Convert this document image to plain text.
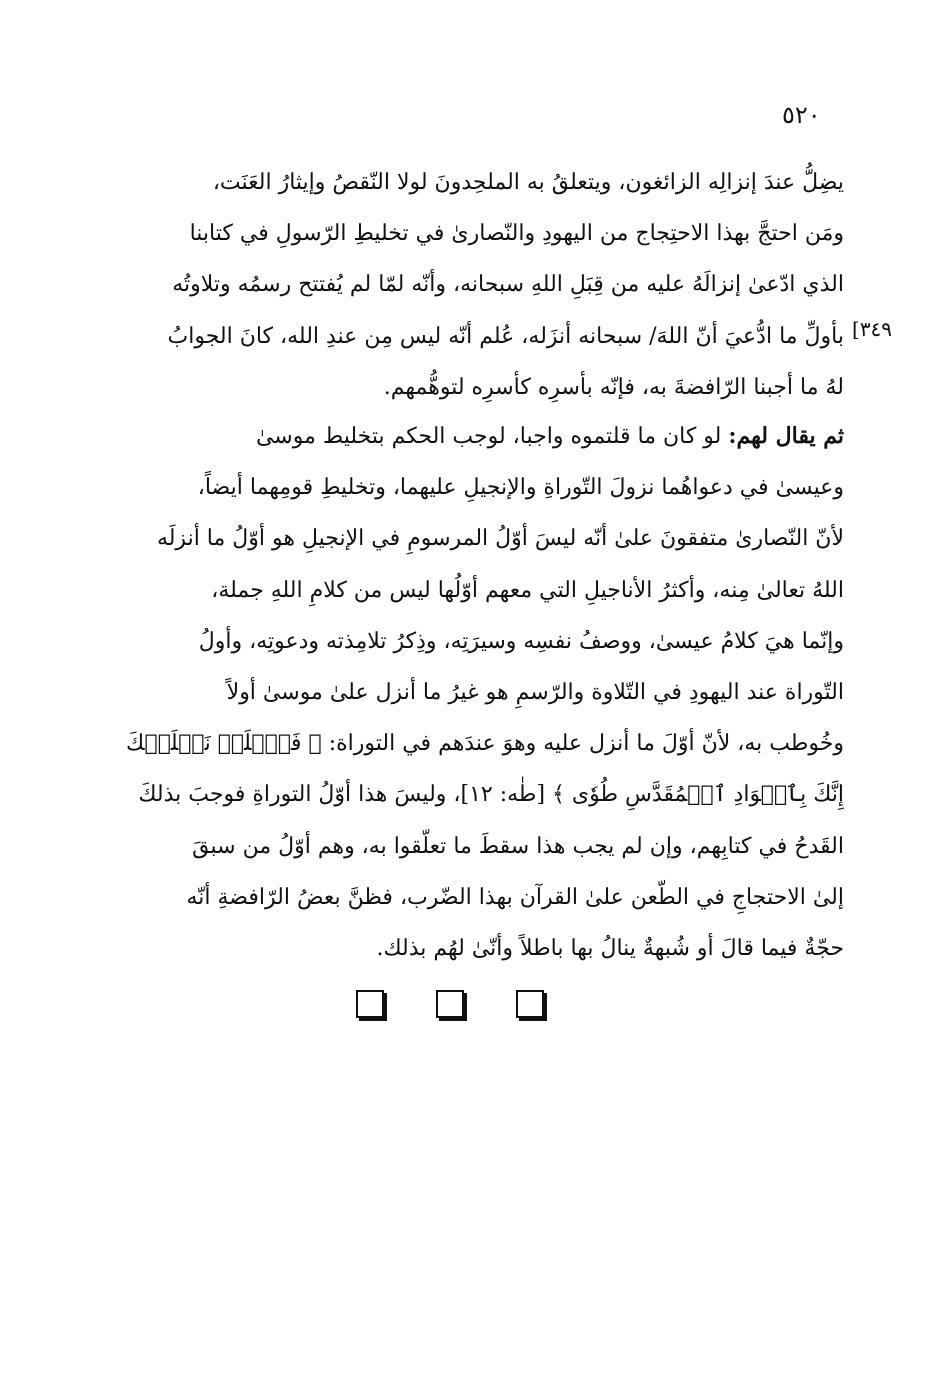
٥٢٠
[٣٤٩
يضِلُّ عندَ إنزالِه الزائغون، ويتعلقُ به الملحِدونَ لولا النّقصُ وإيثارُ العَنَت،
ومَن احتجَّ بهذا الاحتِجاج من اليهودِ والنّصارىٰ في تخليطِ الرّسولِ في كتابنا
الذي ادّعىٰ إنزالَهُ عليه من قِبَلِ اللهِ سبحانه، وأنّه لمّا لم يُفتتح رسمُه وتلاوتُه
بأولِّ ما ادُّعيَ أنّ اللهَ/ سبحانه أنزَله، عُلم أنّه ليس مِن عندِ الله، كانَ الجوابُ
لهُ ما أجبنا الرّافضةَ به، فإنّه بأسرِه كأسرِه لتوهُّمهم.
ثم يقال لهم: لو كان ما قلتموه واجبا، لوجب الحكم بتخليط موسىٰ
وعيسىٰ في دعواهُما نزولَ التّوراةِ والإنجيلِ عليهما، وتخليطِ قومِهما أيضاً،
لأنّ النّصارىٰ متفقونَ علىٰ أنّه ليسَ أوّلُ المرسومِ في الإنجيلِ هو أوّلُ ما أنزلَه
اللهُ تعالىٰ مِنه، وأكثرُ الأناجيلِ التي معهم أوّلُها ليس من كلامِ اللهِ جملة،
وإنّما هيَ كلامُ عيسىٰ، ووصفُ نفسِه وسيرَتِه، وذِكرُ تلامِذته ودعوتِه، وأولُ
التّوراة عند اليهودِ في التّلاوة والرّسمِ هو غيرُ ما أنزل علىٰ موسىٰ أولاً
وخُوطب به، لأنّ أوّلَ ما أنزل عليه وهوَ عندَهم في التوراة: ﴿ فَٱخۡلَعۡ نَعۡلَيۡكَ
إِنَّكَ بِٱلۡوَادِ ٱلۡمُقَدَّسِ طُوٗى ﴾ [طٰه: ١٢]، وليسَ هذا أوّلُ التوراةِ فوجبَ بذلكَ
القَدحُ في كتابِهم، وإن لم يجب هذا سقطَ ما تعلّقوا به، وهم أوّلُ من سبقَ
إلىٰ الاحتجاجِ في الطّعن علىٰ القرآن بهذا الضّرب، فظنَّ بعضُ الرّافضةِ أنّه
حجّةٌ فيما قالَ أو شُبهةٌ ينالُ بها باطلاً وأنّىٰ لهُم بذلك.
